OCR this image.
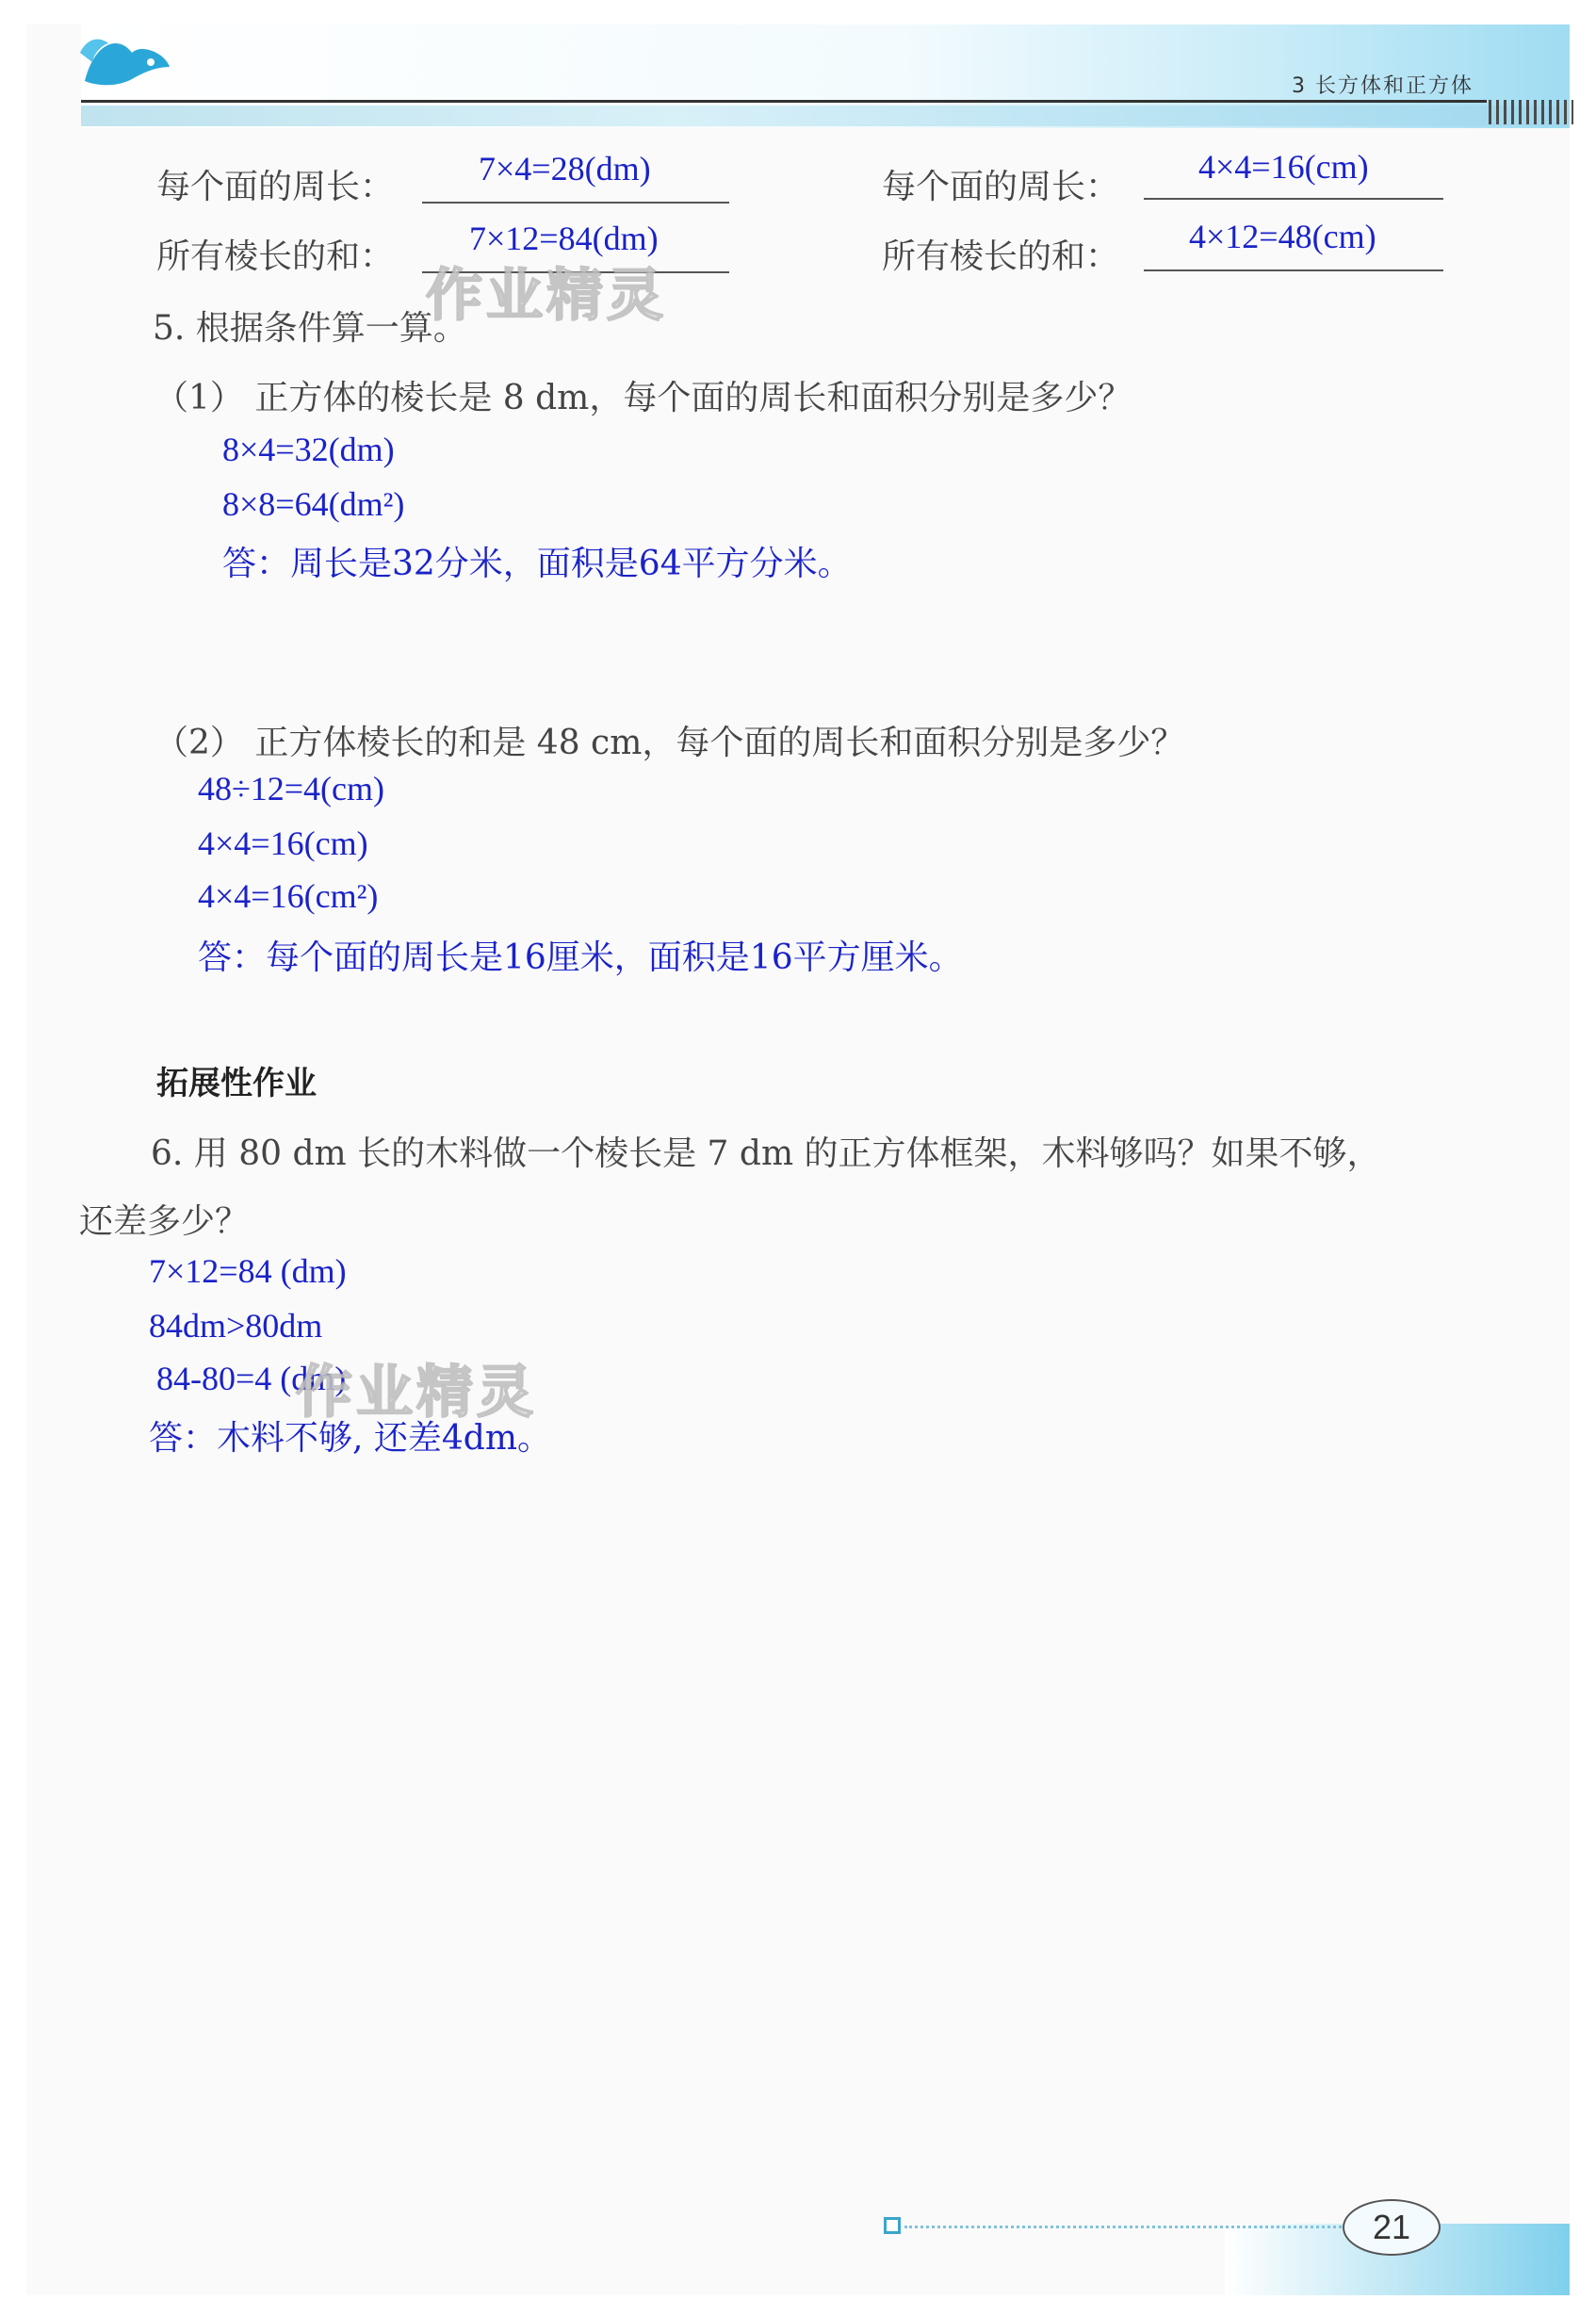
3 长方体和正方体
每个面的周长： 7×4=28(dm)	每个面的周长：
4×4=16(cm)
所有棱长的和： 7×12=84(dm)	所有棱长的和：
4×12=48(cm)
作业精灵
5. 根据条件算一算。
（1） 正方体的棱长是 8 dm，每个面的周长和面积分别是多少？
8×4=32(dm)
8×8=64(dm²)
答：周长是32分米，面积是64平方分米。
（2） 正方体棱长的和是 48 cm，每个面的周长和面积分别是多少？
48÷12=4(cm)
4×4=16(cm)
4×4=16(cm²)
答：每个面的周长是16厘米，面积是16平方厘米。
拓展性作业
6. 用 80 dm 长的木料做一个棱长是 7 dm 的正方体框架，木料够吗？如果不够，
还差多少？
7×12=84 (dm)
84dm>80dm
84-80=4 (dm)
答：木料不够, 还差4dm。
作业精灵
21
